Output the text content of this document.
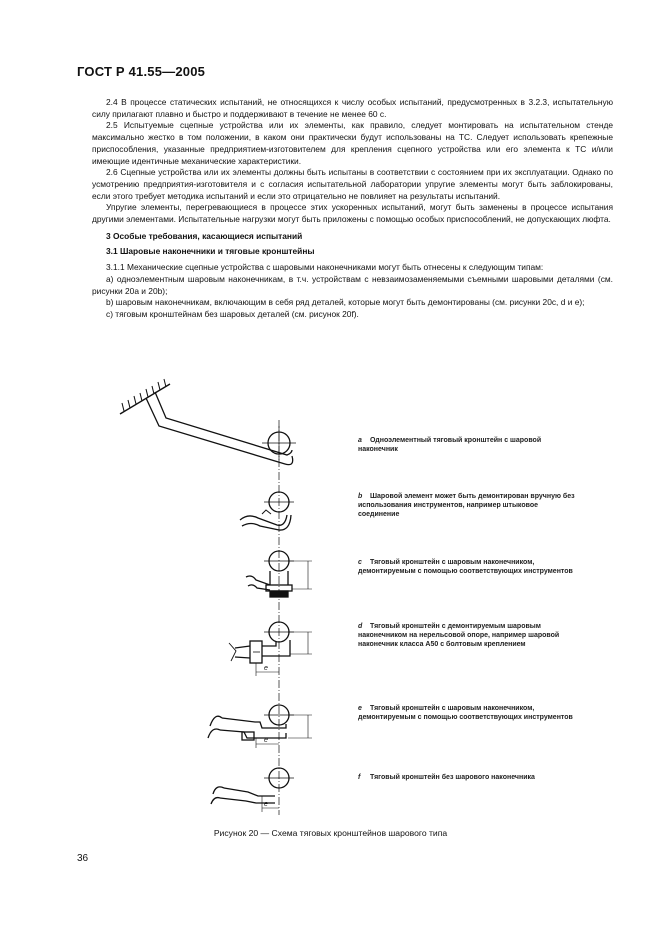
ГОСТ Р 41.55—2005

2.4 В процессе статических испытаний, не относящихся к числу особых испытаний, предусмотренных в 3.2.3, испытательную силу прилагают плавно и быстро и поддерживают в течение не менее 60 с.

2.5 Испытуемые сцепные устройства или их элементы, как правило, следует монтировать на испытательном стенде максимально жестко в том положении, в каком они практически будут использованы на ТС. Следует использовать крепежные приспособления, указанные предприятием-изготовителем для крепления сцепного устройства или его элемента к ТС и/или имеющие идентичные механические характеристики.

2.6 Сцепные устройства или их элементы должны быть испытаны в соответствии с состоянием при их эксплуатации. Однако по усмотрению предприятия-изготовителя и с согласия испытательной лаборатории упругие элементы могут быть заблокированы, если этого требует методика испытаний и если это отрицательно не повлияет на результаты испытаний.

Упругие элементы, перегревающиеся в процессе этих ускоренных испытаний, могут быть заменены в процессе испытания другими элементами. Испытательные нагрузки могут быть приложены с помощью особых приспособлений, не допускающих люфта.

3 Особые требования, касающиеся испытаний

3.1 Шаровые наконечники и тяговые кронштейны

3.1.1 Механические сцепные устройства с шаровыми наконечниками могут быть отнесены к следующим типам:

a) одноэлементным шаровым наконечникам, в т.ч. устройствам с невзаимозаменяемыми съемными шаровыми деталями (см. рисунки 20a и 20b);

b) шаровым наконечникам, включающим в себя ряд деталей, которые могут быть демонтированы (см. рисунки 20c, d и e);

c) тяговым кронштейнам без шаровых деталей (см. рисунок 20f).

e
e
e
a Одноэлементный тяговый кронштейн с шаровой наконечник
b Шаровой элемент может быть демонтирован вручную без использования инструментов, например штыковое соединение
c Тяговый кронштейн с шаровым наконечником, демонтируемым с помощью соответствующих инструментов
d Тяговый кронштейн с демонтируемым шаровым наконечником на нерельсовой опоре, например шаровой наконечник класса А50 с болтовым креплением
e Тяговый кронштейн с шаровым наконечником, демонтируемым с помощью соответствующих инструментов
f Тяговый кронштейн без шарового наконечника
Рисунок 20 — Схема тяговых кронштейнов шарового типа
36
